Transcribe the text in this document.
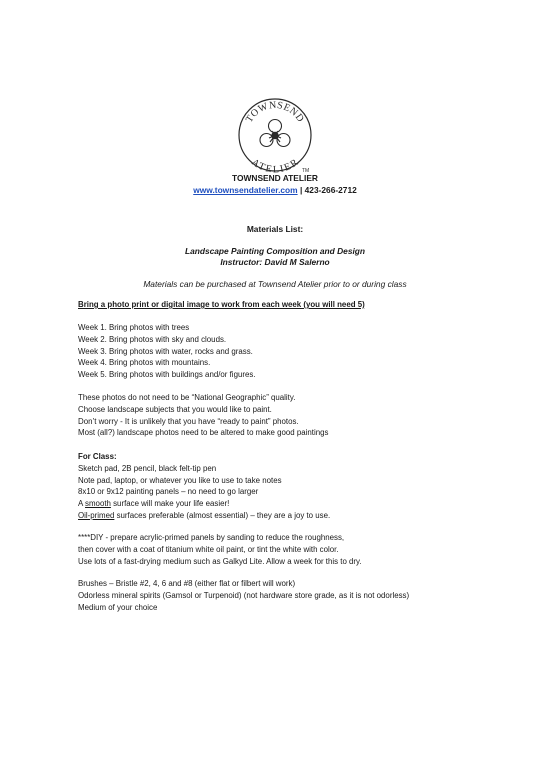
TOWNSEND
ATELIER
TM
TOWNSEND ATELIER
www.townsendatelier.com | 423-266-2712
Materials List:
Landscape Painting Composition and Design
Instructor: David M Salerno
Materials can be purchased at Townsend Atelier prior to or during class
Bring a photo print or digital image to work from each week (you will need 5)
Week 1. Bring photos with trees
Week 2. Bring photos with sky and clouds.
Week 3. Bring photos with water, rocks and grass.
Week 4. Bring photos with mountains.
Week 5. Bring photos with buildings and/or figures.
These photos do not need to be “National Geographic” quality.
Choose landscape subjects that you would like to paint.
Don’t worry - It is unlikely that you have “ready to paint” photos.
Most (all?) landscape photos need to be altered to make good paintings
For Class:
Sketch pad, 2B pencil, black felt-tip pen
Note pad, laptop, or whatever you like to use to take notes
8x10 or 9x12 painting panels – no need to go larger
A smooth surface will make your life easier!
Oil-primed surfaces preferable (almost essential) – they are a joy to use.
****DIY - prepare acrylic-primed panels by sanding to reduce the roughness,
then cover with a coat of titanium white oil paint, or tint the white with color.
Use lots of a fast-drying medium such as Galkyd Lite. Allow a week for this to dry.
Brushes – Bristle #2, 4, 6 and #8 (either flat or filbert will work)
Odorless mineral spirits (Gamsol or Turpenoid) (not hardware store grade, as it is not odorless)
Medium of your choice
